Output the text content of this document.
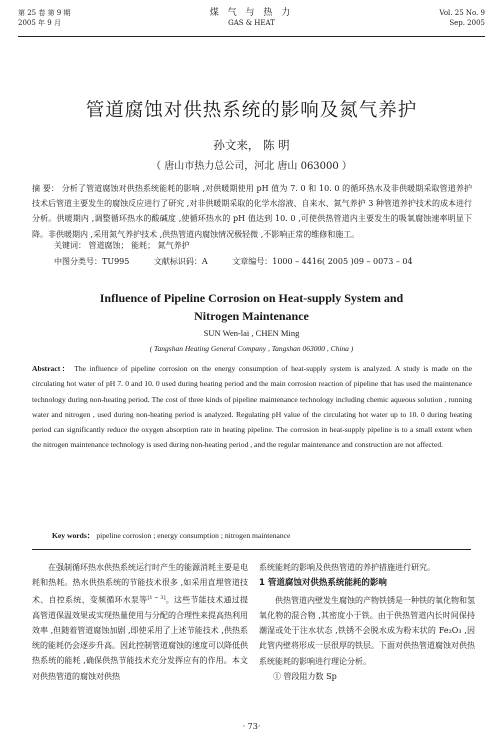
第 25 卷 第 9 期
2005 年 9 月
煤 气 与 热 力
GAS & HEAT
Vol. 25 No. 9
Sep. 2005
管道腐蚀对供热系统的影响及氮气养护
孙文来， 陈 明
（ 唐山市热力总公司，河北 唐山 063000 ）
摘 要： 分析了管道腐蚀对供热系统能耗的影响 ,对供暖期使用 pH 值为 7. 0 和 10. 0 的循环热水及非供暖期采取管道养护技术后管道主要发生的腐蚀反应进行了研究 ,对非供暖期采取的化学水溶液、自来水、氮气养护 3 种管道养护技术的成本进行分析。供暖期内 ,调整循环热水的酸碱度 ,使循环热水的 pH 值达到 10. 0 ,可使供热管道内主要发生的吸氧腐蚀速率明显下降。非供暖期内 ,采用氮气养护技术 ,供热管道内腐蚀情况极轻微 ,不影响正常的维修和施工。
关键词： 管道腐蚀； 能耗； 氮气养护
中图分类号：TU995	文献标识码：A	文章编号：1000 – 4416( 2005 )09 – 0073 – 04
Influence of Pipeline Corrosion on Heat-supply System and
Nitrogen Maintenance
SUN Wen-lai , CHEN Ming
( Tangshan Heating General Company , Tangshan 063000 , China )
Abstract： The influence of pipeline corrosion on the energy consumption of heat-supply system is analyzed. A study is made on the circulating hot water of pH 7. 0 and 10. 0 used during heating period and the main corrosion reaction of pipeline that has used the maintenance technology during non-heating period. The cost of three kinds of pipeline maintenance technology including chemic aqueous solution , running water and nitrogen , used during non-heating period is analyzed. Regulating pH value of the circulating hot water up to 10. 0 during heating period can significantly reduce the oxygen absorption rate in heating pipeline. The corrosion in heat-supply pipeline is to a small extent when the nitrogen maintenance technology is used during non-heating period , and the regular maintenance and construction are not affected.
Key words： pipeline corrosion ; energy consumption ; nitrogen maintenance

在强制循环热水供热系统运行时产生的能源消耗主要是电耗和热耗。热水供热系统的节能技术很多 ,如采用直埋管道技术、自控系统、变频循环水泵等[1 ~ 3]。这些节能技术通过提高管道保温效果或实现热量使用与分配的合理性来提高热利用效率 ,但随着管道腐蚀加剧 ,即使采用了上述节能技术 ,供热系统的能耗仍会逐步升高。因此控制管道腐蚀的速度可以降低供热系统的能耗 ,确保供热节能技术充分发挥应有的作用。本文对供热管道的腐蚀对供热

系统能耗的影响及供热管道的养护措施进行研究。
1 管道腐蚀对供热系统能耗的影响

供热管道内壁发生腐蚀的产物铁锈是一种铁的氧化物和氢氧化物的混合物 ,其密度小于铁。由于供热管道内长时间保持潮湿或处于注水状态 ,铁锈不会脱水成为粉末状的 Fe₂O₃ ,因此管内壁将形成一层很厚的铁层。下面对供热管道腐蚀对供热系统能耗的影响进行理论分析。

① 管段阻力数 Sp
· 73·
